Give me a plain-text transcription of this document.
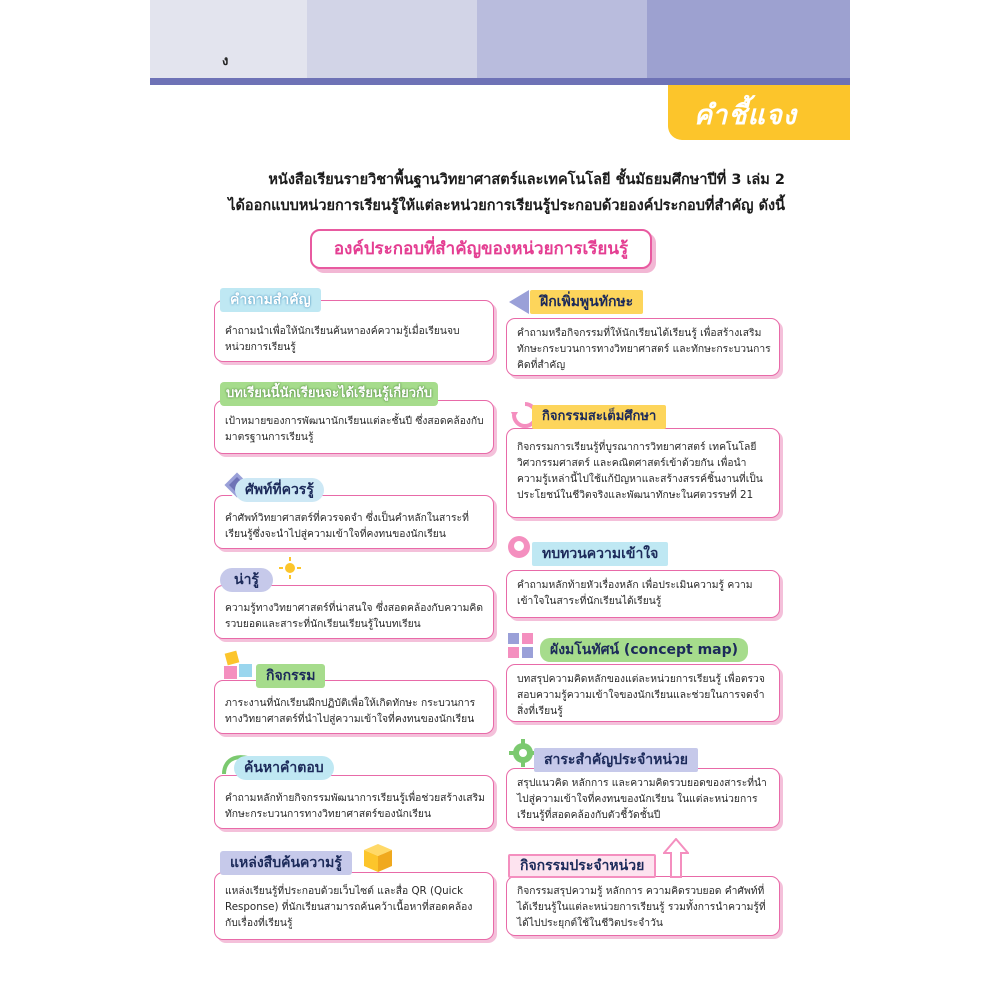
ง
คำชี้แจง
หนังสือเรียนรายวิชาพื้นฐานวิทยาศาสตร์และเทคโนโลยี ชั้นมัธยมศึกษาปีที่ 3 เล่ม 2
ได้ออกแบบหน่วยการเรียนรู้ให้แต่ละหน่วยการเรียนรู้ประกอบด้วยองค์ประกอบที่สำคัญ ดังนี้
องค์ประกอบที่สำคัญของหน่วยการเรียนรู้
คำถามนำเพื่อให้นักเรียนค้นหาองค์ความรู้เมื่อเรียนจบหน่วยการเรียนรู้
คำถามสำคัญ
เป้าหมายของการพัฒนานักเรียนแต่ละชั้นปี ซึ่งสอดคล้องกับมาตรฐานการเรียนรู้
บทเรียนนี้นักเรียนจะได้เรียนรู้เกี่ยวกับ
คำศัพท์วิทยาศาสตร์ที่ควรจดจำ ซึ่งเป็นคำหลักในสาระที่เรียนรู้ซึ่งจะนำไปสู่ความเข้าใจที่คงทนของนักเรียน
ศัพท์ที่ควรรู้
ความรู้ทางวิทยาศาสตร์ที่น่าสนใจ ซึ่งสอดคล้องกับความคิดรวบยอดและสาระที่นักเรียนเรียนรู้ในบทเรียน
น่ารู้
ภาระงานที่นักเรียนฝึกปฏิบัติเพื่อให้เกิดทักษะ กระบวนการทางวิทยาศาสตร์ที่นำไปสู่ความเข้าใจที่คงทนของนักเรียน
กิจกรรม
คำถามหลักท้ายกิจกรรมพัฒนาการเรียนรู้เพื่อช่วยสร้างเสริมทักษะกระบวนการทางวิทยาศาสตร์ของนักเรียน
ค้นหาคำตอบ
แหล่งเรียนรู้ที่ประกอบด้วยเว็บไซต์ และสื่อ QR (Quick Response) ที่นักเรียนสามารถค้นคว้าเนื้อหาที่สอดคล้องกับเรื่องที่เรียนรู้
แหล่งสืบค้นความรู้
คำถามหรือกิจกรรมที่ให้นักเรียนได้เรียนรู้ เพื่อสร้างเสริมทักษะกระบวนการทางวิทยาศาสตร์ และทักษะกระบวนการคิดที่สำคัญ
ฝึกเพิ่มพูนทักษะ
กิจกรรมการเรียนรู้ที่บูรณาการวิทยาศาสตร์ เทคโนโลยี วิศวกรรมศาสตร์ และคณิตศาสตร์เข้าด้วยกัน เพื่อนำความรู้เหล่านี้ไปใช้แก้ปัญหาและสร้างสรรค์ชิ้นงานที่เป็นประโยชน์ในชีวิตจริงและพัฒนาทักษะในศตวรรษที่ 21
กิจกรรมสะเต็มศึกษา
คำถามหลักท้ายหัวเรื่องหลัก เพื่อประเมินความรู้ ความเข้าใจในสาระที่นักเรียนได้เรียนรู้
ทบทวนความเข้าใจ
บทสรุปความคิดหลักของแต่ละหน่วยการเรียนรู้ เพื่อตรวจสอบความรู้ความเข้าใจของนักเรียนและช่วยในการจดจำสิ่งที่เรียนรู้
ผังมโนทัศน์ (concept map)
สรุปแนวคิด หลักการ และความคิดรวบยอดของสาระที่นำไปสู่ความเข้าใจที่คงทนของนักเรียน ในแต่ละหน่วยการเรียนรู้ที่สอดคล้องกับตัวชี้วัดชั้นปี
สาระสำคัญประจำหน่วย
กิจกรรมสรุปความรู้ หลักการ ความคิดรวบยอด คำศัพท์ที่ได้เรียนรู้ในแต่ละหน่วยการเรียนรู้ รวมทั้งการนำความรู้ที่ได้ไปประยุกต์ใช้ในชีวิตประจำวัน
กิจกรรมประจำหน่วย
